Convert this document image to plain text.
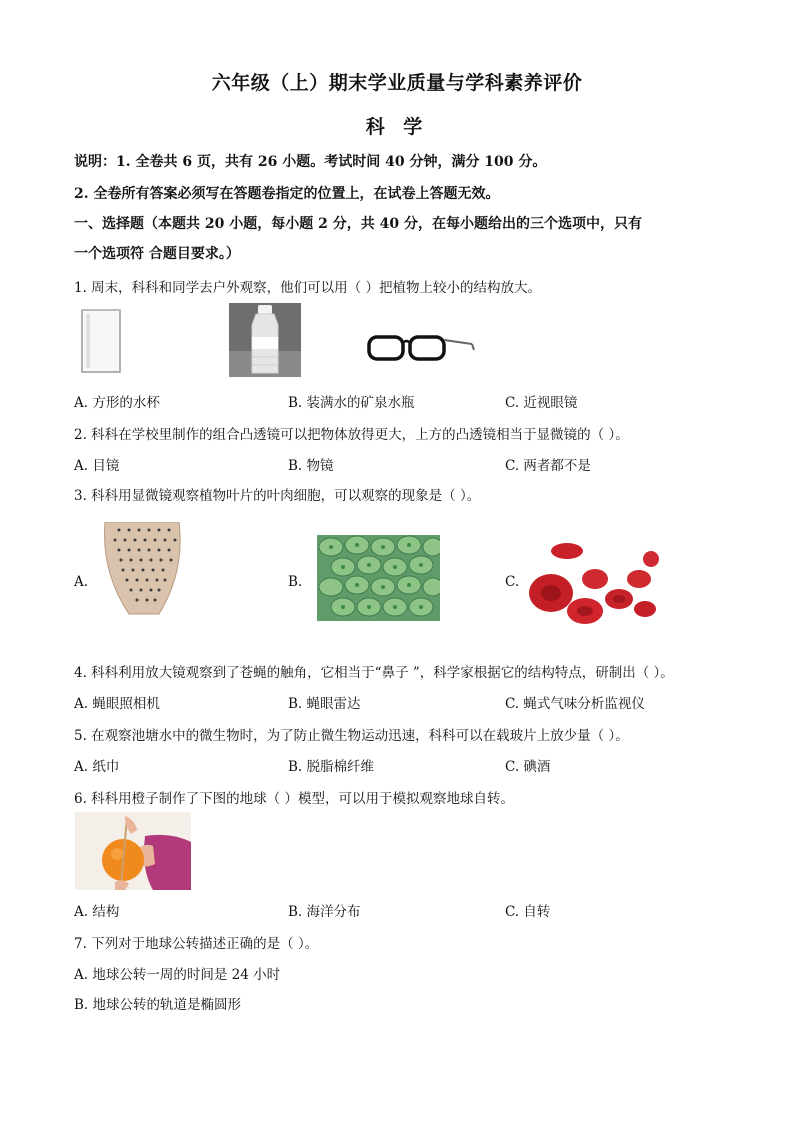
六年级（上）期末学业质量与学科素养评价
科 学
说明：1. 全卷共 6 页，共有 26 小题。考试时间 40 分钟，满分 100 分。
2. 全卷所有答案必须写在答题卷指定的位置上，在试卷上答题无效。
一、选择题（本题共 20 小题，每小题 2 分，共 40 分，在每小题给出的三个选项中，只有
一个选项符 合题目要求。）
1. 周末，科科和同学去户外观察，他们可以用（ ）把植物上较小的结构放大。
A. 方形的水杯	B. 装满水的矿泉水瓶	C. 近视眼镜
2. 科科在学校里制作的组合凸透镜可以把物体放得更大，上方的凸透镜相当于显微镜的（ ）。
A. 目镜	B. 物镜	C. 两者都不是
3. 科科用显微镜观察植物叶片的叶肉细胞，可以观察的现象是（ ）。
A.	B.	C.
4. 科科利用放大镜观察到了苍蝇的触角，它相当于“鼻子 ”，科学家根据它的结构特点，研制出（ ）。
A. 蝇眼照相机	B. 蝇眼雷达	C. 蝇式气味分析监视仪
5. 在观察池塘水中的微生物时，为了防止微生物运动迅速，科科可以在载玻片上放少量（ ）。
A. 纸巾	B. 脱脂棉纤维	C. 碘酒
6. 科科用橙子制作了下图的地球（ ）模型，可以用于模拟观察地球自转。
A. 结构	B. 海洋分布	C. 自转
7. 下列对于地球公转描述正确的是（ ）。
A. 地球公转一周的时间是 24 小时
B. 地球公转的轨道是椭圆形
